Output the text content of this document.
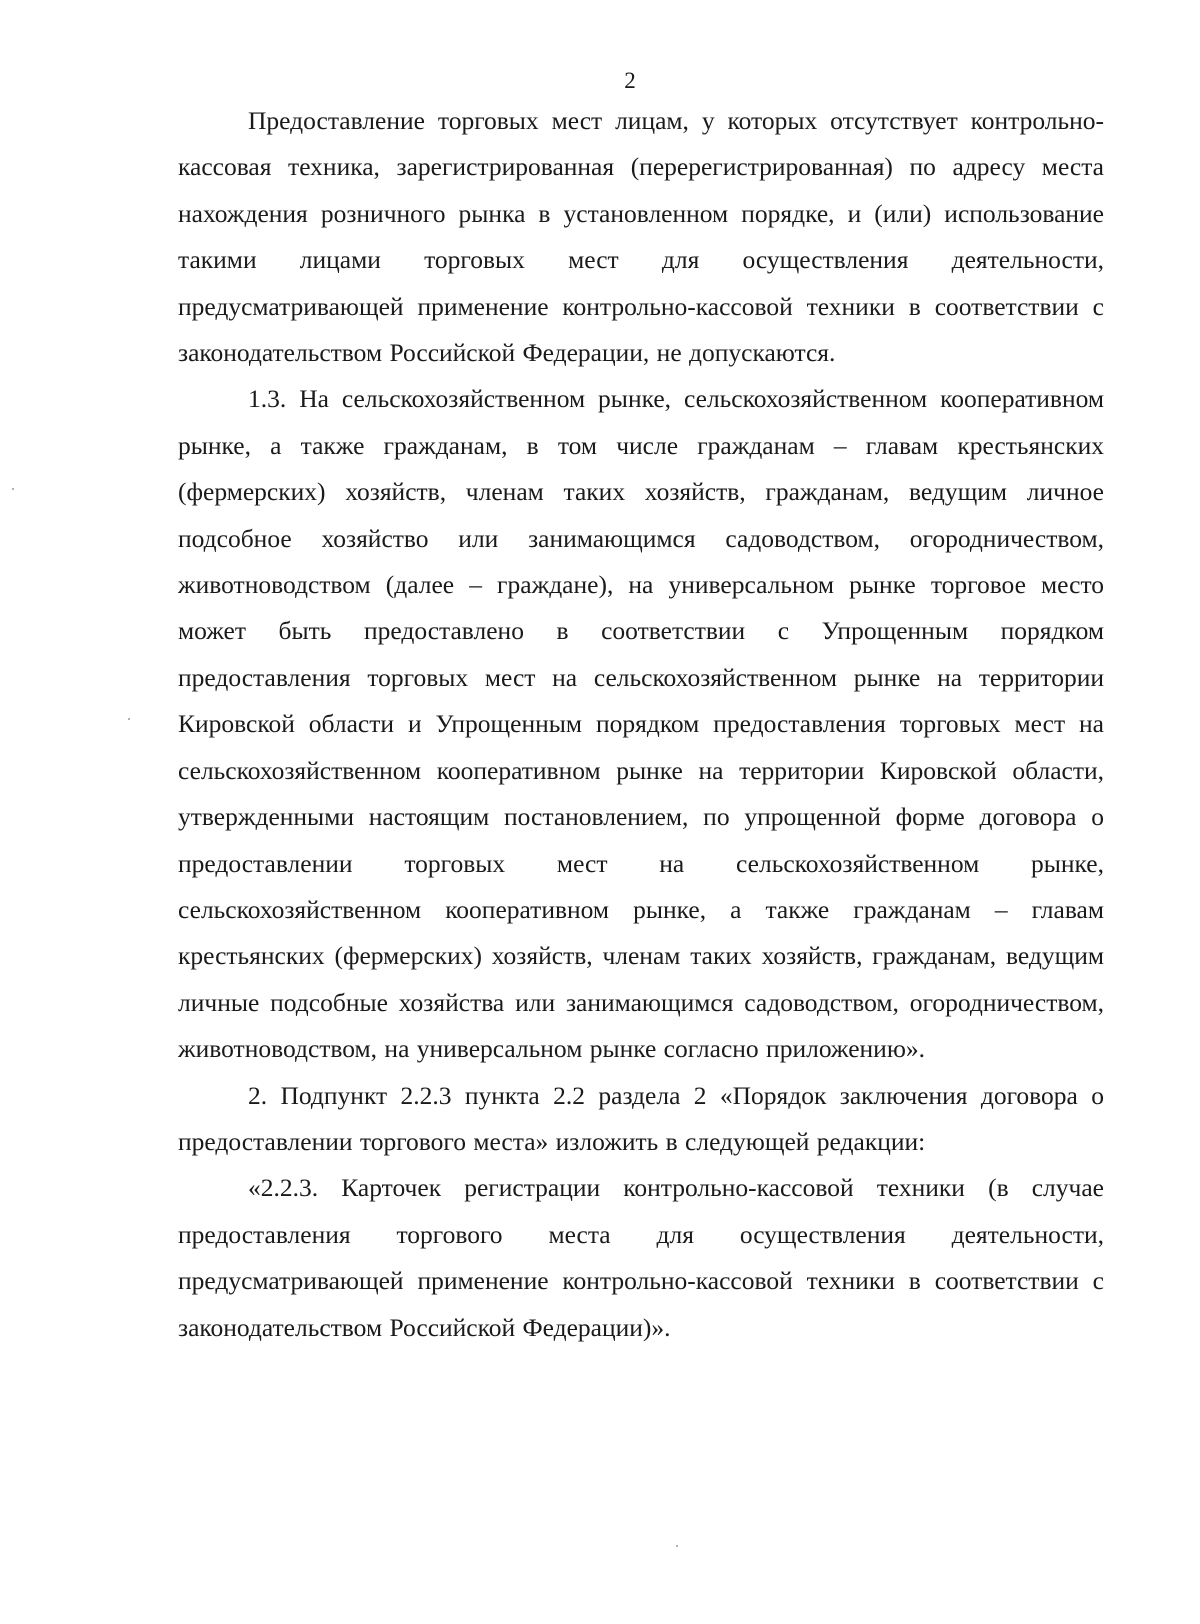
2

Предоставление торговых мест лицам, у которых отсутствует контрольно-кассовая техника, зарегистрированная (перерегистрированная) по адресу места нахождения розничного рынка в установленном порядке, и (или) использование такими лицами торговых мест для осуществления деятельности, предусматривающей применение контрольно-кассовой техники в соответствии с законодательством Российской Федерации, не допускаются.

1.3. На сельскохозяйственном рынке, сельскохозяйственном кооперативном рынке, а также гражданам, в том числе гражданам – главам крестьянских (фермерских) хозяйств, членам таких хозяйств, гражданам, ведущим личное подсобное хозяйство или занимающимся садоводством, огородничеством, животноводством (далее – граждане), на универсальном рынке торговое место может быть предоставлено в соответствии с Упрощенным порядком предоставления торговых мест на сельскохозяйственном рынке на территории Кировской области и Упрощенным порядком предоставления торговых мест на сельскохозяйственном кооперативном рынке на территории Кировской области, утвержденными настоящим постановлением, по упрощенной форме договора о предоставлении торговых мест на сельскохозяйственном рынке, сельскохозяйственном кооперативном рынке, а также гражданам – главам крестьянских (фермерских) хозяйств, членам таких хозяйств, гражданам, ведущим личные подсобные хозяйства или занимающимся садоводством, огородничеством, животноводством, на универсальном рынке согласно приложению».

2. Подпункт 2.2.3 пункта 2.2 раздела 2 «Порядок заключения договора о предоставлении торгового места» изложить в следующей редакции:

«2.2.3. Карточек регистрации контрольно-кассовой техники (в случае предоставления торгового места для осуществления деятельности, предусматривающей применение контрольно-кассовой техники в соответствии с законодательством Российской Федерации)».
